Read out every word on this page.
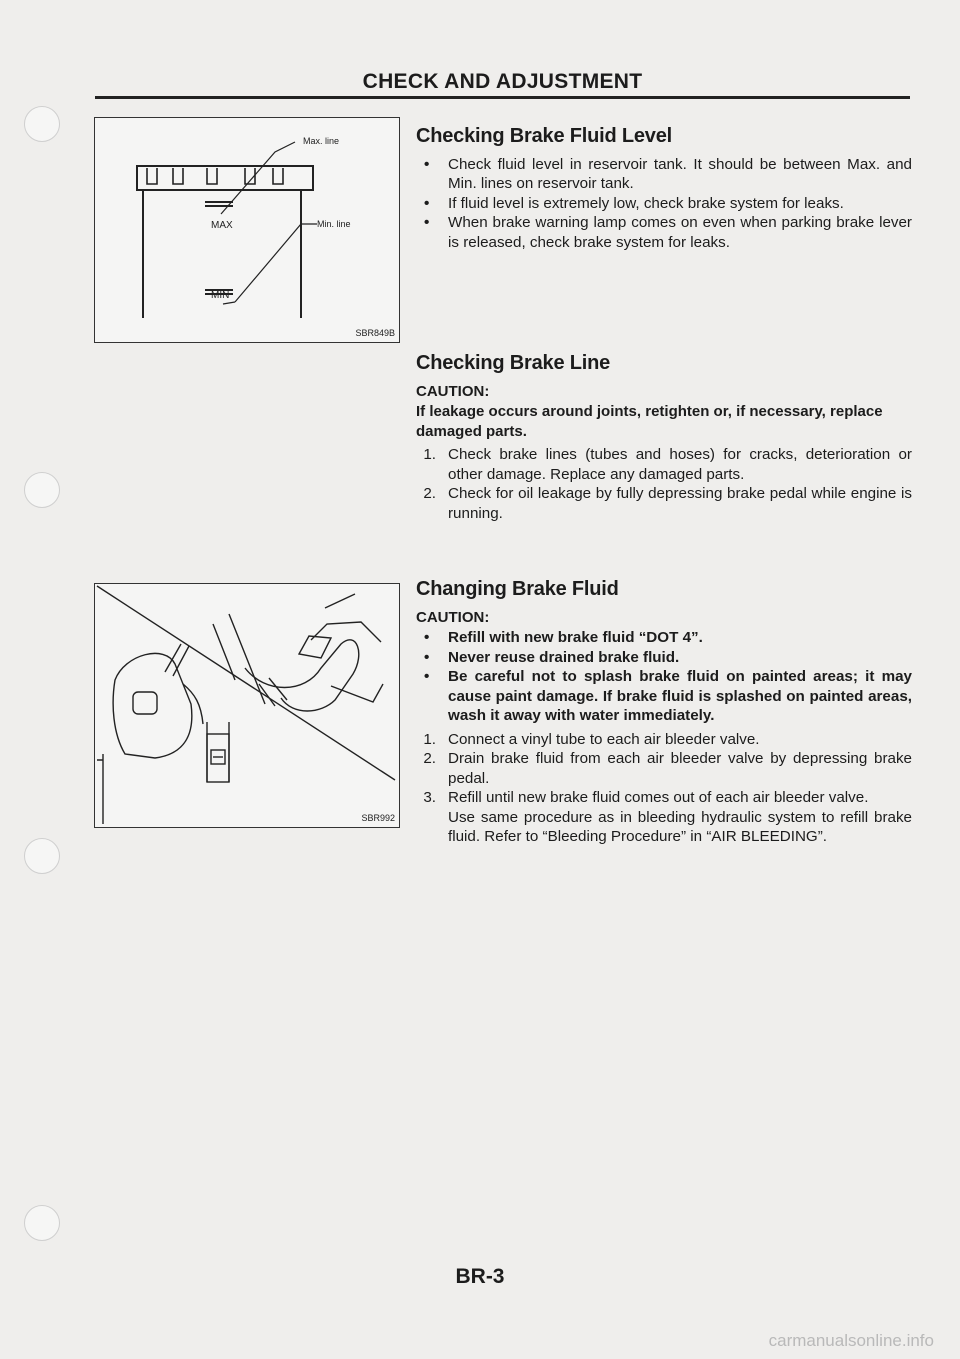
CHECK AND ADJUSTMENT
Max. line
Min. line
MAX
MIN
SBR849B
SBR992
Checking Brake Fluid Level
• Check fluid level in reservoir tank. It should be between Max. and Min. lines on reservoir tank.
• If fluid level is extremely low, check brake system for leaks.
• When brake warning lamp comes on even when parking brake lever is released, check brake system for leaks.
Checking Brake Line
CAUTION:
If leakage occurs around joints, retighten or, if necessary, replace damaged parts.
1. Check brake lines (tubes and hoses) for cracks, deterioration or other damage. Replace any damaged parts.
2. Check for oil leakage by fully depressing brake pedal while engine is running.
Changing Brake Fluid
CAUTION:
• Refill with new brake fluid “DOT 4”.
• Never reuse drained brake fluid.
• Be careful not to splash brake fluid on painted areas; it may cause paint damage. If brake fluid is splashed on painted areas, wash it away with water immediately.
1. Connect a vinyl tube to each air bleeder valve.
2. Drain brake fluid from each air bleeder valve by depressing brake pedal.
3. Refill until new brake fluid comes out of each air bleeder valve.
Use same procedure as in bleeding hydraulic system to refill brake fluid. Refer to “Bleeding Procedure” in “AIR BLEEDING”.
BR-3
carmanualsonline.info
